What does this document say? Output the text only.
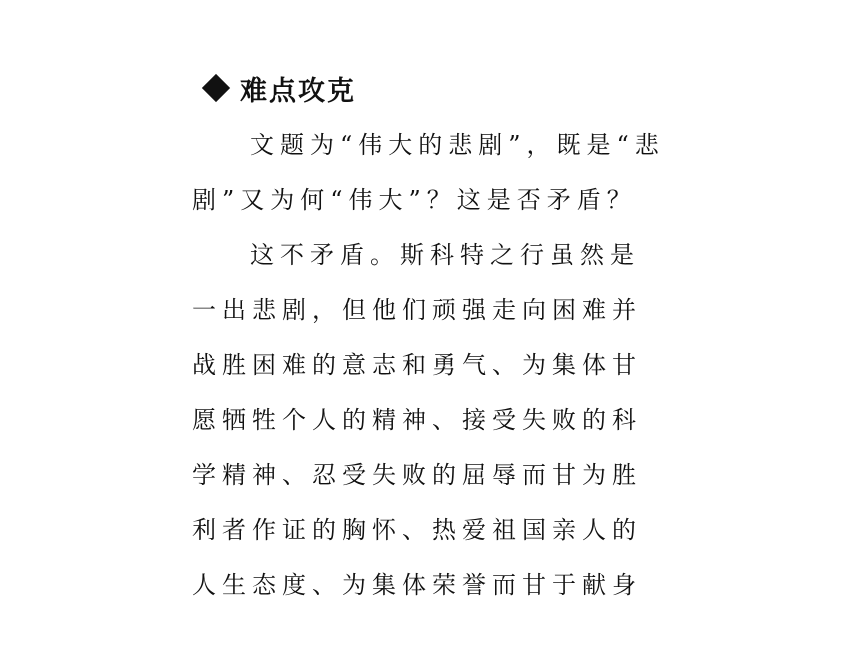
难点攻克
文题为“伟大的悲剧”，既是“悲
剧”又为何“伟大”？这是否矛盾？
这不矛盾。斯科特之行虽然是
一出悲剧，但他们顽强走向困难并
战胜困难的意志和勇气、为集体甘
愿牺牲个人的精神、接受失败的科
学精神、忍受失败的屈辱而甘为胜
利者作证的胸怀、热爱祖国亲人的
人生态度、为集体荣誉而甘于献身
